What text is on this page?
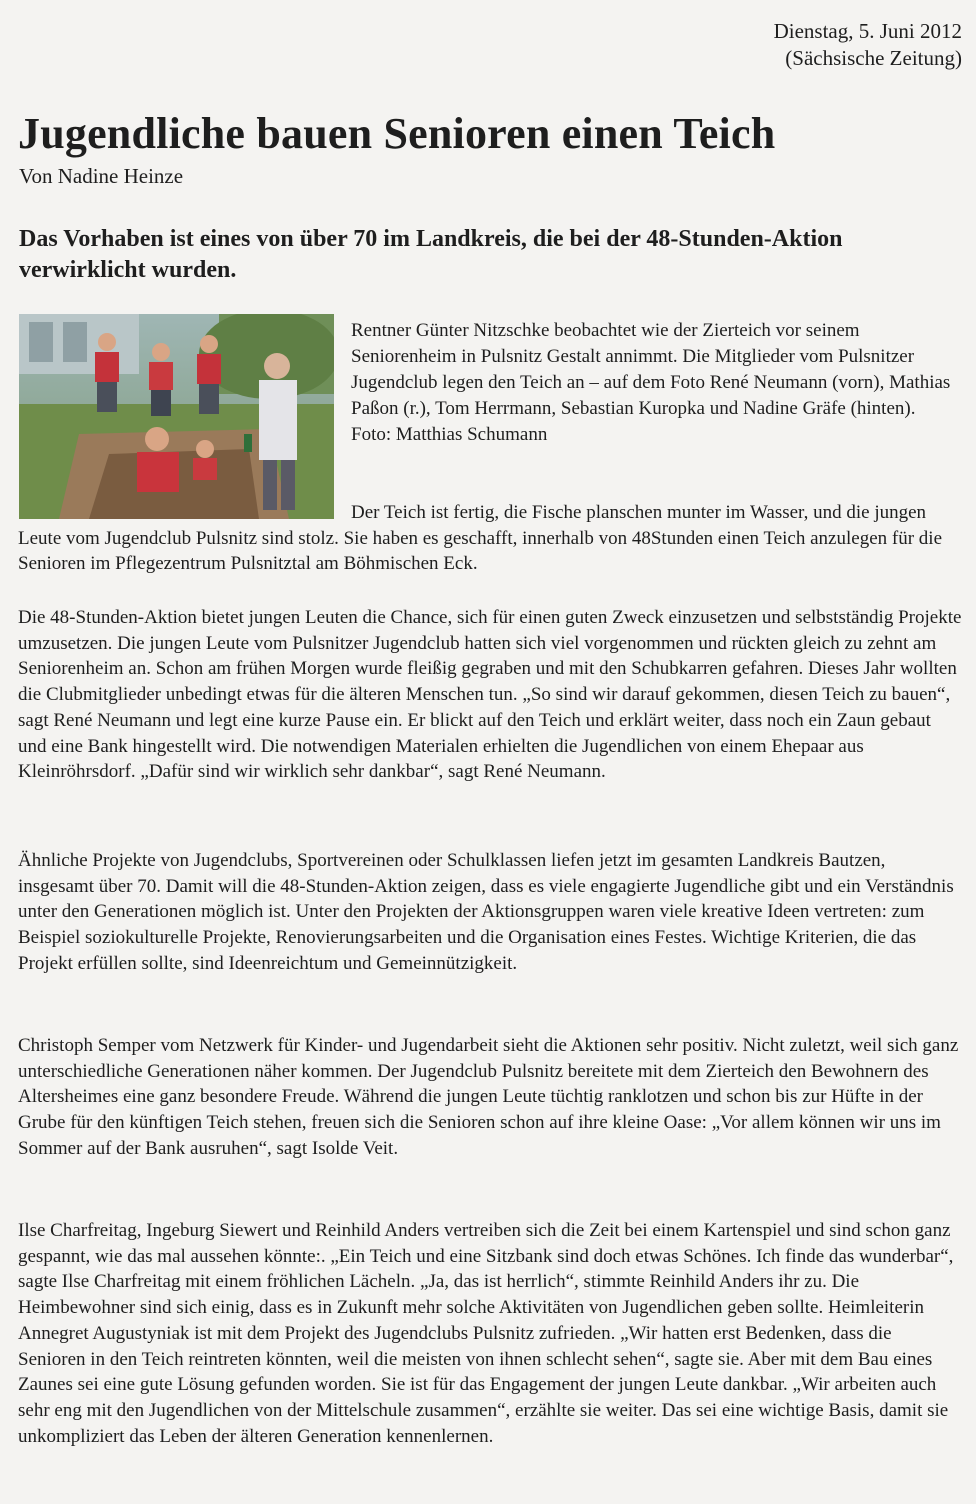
Dienstag, 5. Juni 2012
(Sächsische Zeitung)
Jugendliche bauen Senioren einen Teich
Von Nadine Heinze

Das Vorhaben ist eines von über 70 im Landkreis, die bei der 48-Stunden-Aktion verwirklicht wurden.

Rentner Günter Nitzschke beobachtet wie der Zierteich vor seinem Seniorenheim in Pulsnitz Gestalt annimmt. Die Mitglieder vom Pulsnitzer Jugendclub legen den Teich an – auf dem Foto René Neumann (vorn), Mathias Paßon (r.), Tom Herrmann, Sebastian Kuropka und Nadine Gräfe (hinten). Foto: Matthias Schumann

Der Teich ist fertig, die Fische planschen munter im Wasser, und die jungen Leute vom Jugendclub Pulsnitz sind stolz. Sie haben es geschafft, innerhalb von 48Stunden einen Teich anzulegen für die Senioren im Pflegezentrum Pulsnitztal am Böhmischen Eck.

Die 48-Stunden-Aktion bietet jungen Leuten die Chance, sich für einen guten Zweck einzusetzen und selbstständig Projekte umzusetzen. Die jungen Leute vom Pulsnitzer Jugendclub hatten sich viel vorgenommen und rückten gleich zu zehnt am Seniorenheim an. Schon am frühen Morgen wurde fleißig gegraben und mit den Schubkarren gefahren. Dieses Jahr wollten die Clubmitglieder unbedingt etwas für die älteren Menschen tun. „So sind wir darauf gekommen, diesen Teich zu bauen“, sagt René Neumann und legt eine kurze Pause ein. Er blickt auf den Teich und erklärt weiter, dass noch ein Zaun gebaut und eine Bank hingestellt wird. Die notwendigen Materialen erhielten die Jugendlichen von einem Ehepaar aus Kleinröhrsdorf. „Dafür sind wir wirklich sehr dankbar“, sagt René Neumann.

Ähnliche Projekte von Jugendclubs, Sportvereinen oder Schulklassen liefen jetzt im gesamten Landkreis Bautzen, insgesamt über 70. Damit will die 48-Stunden-Aktion zeigen, dass es viele engagierte Jugendliche gibt und ein Verständnis unter den Generationen möglich ist. Unter den Projekten der Aktionsgruppen waren viele kreative Ideen vertreten: zum Beispiel soziokulturelle Projekte, Renovierungsarbeiten und die Organisation eines Festes. Wichtige Kriterien, die das Projekt erfüllen sollte, sind Ideenreichtum und Gemeinnützigkeit.

Christoph Semper vom Netzwerk für Kinder- und Jugendarbeit sieht die Aktionen sehr positiv. Nicht zuletzt, weil sich ganz unterschiedliche Generationen näher kommen. Der Jugendclub Pulsnitz bereitete mit dem Zierteich den Bewohnern des Altersheimes eine ganz besondere Freude. Während die jungen Leute tüchtig ranklotzen und schon bis zur Hüfte in der Grube für den künftigen Teich stehen, freuen sich die Senioren schon auf ihre kleine Oase: „Vor allem können wir uns im Sommer auf der Bank ausruhen“, sagt Isolde Veit.

Ilse Charfreitag, Ingeburg Siewert und Reinhild Anders vertreiben sich die Zeit bei einem Kartenspiel und sind schon ganz gespannt, wie das mal aussehen könnte:. „Ein Teich und eine Sitzbank sind doch etwas Schönes. Ich finde das wunderbar“, sagte Ilse Charfreitag mit einem fröhlichen Lächeln. „Ja, das ist herrlich“, stimmte Reinhild Anders ihr zu. Die Heimbewohner sind sich einig, dass es in Zukunft mehr solche Aktivitäten von Jugendlichen geben sollte. Heimleiterin Annegret Augustyniak ist mit dem Projekt des Jugendclubs Pulsnitz zufrieden. „Wir hatten erst Bedenken, dass die Senioren in den Teich reintreten könnten, weil die meisten von ihnen schlecht sehen“, sagte sie. Aber mit dem Bau eines Zaunes sei eine gute Lösung gefunden worden. Sie ist für das Engagement der jungen Leute dankbar. „Wir arbeiten auch sehr eng mit den Jugendlichen von der Mittelschule zusammen“, erzählte sie weiter. Das sei eine wichtige Basis, damit sie unkompliziert das Leben der älteren Generation kennenlernen.
